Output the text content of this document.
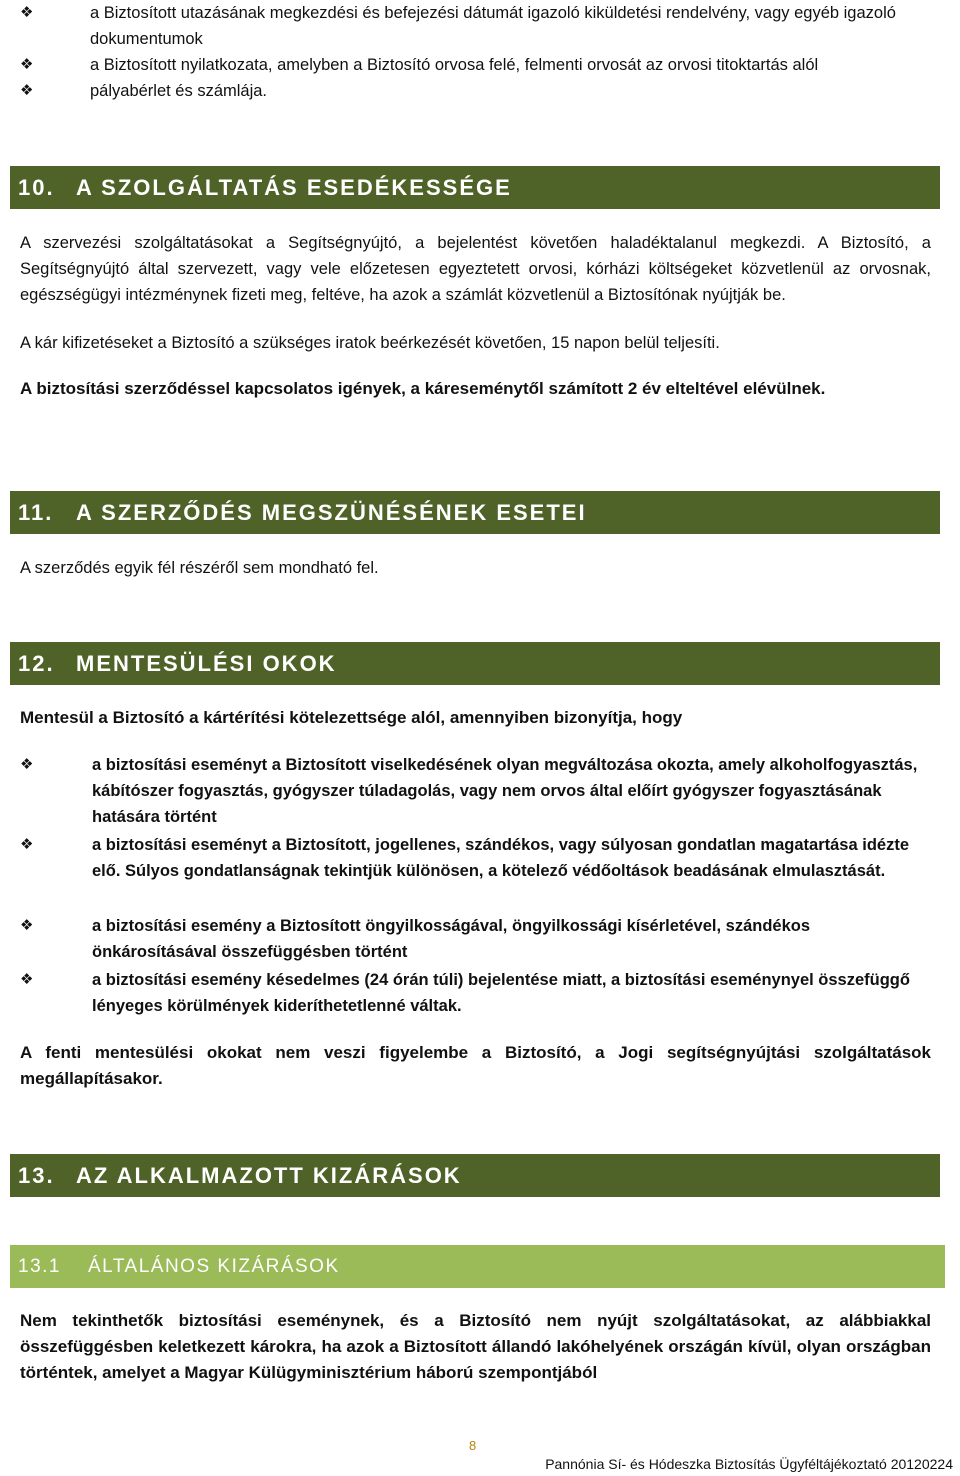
❖	a Biztosított utazásának megkezdési és befejezési dátumát igazoló kiküldetési rendelvény, vagy egyéb igazoló dokumentumok
❖	a Biztosított nyilatkozata, amelyben a Biztosító orvosa felé, felmenti orvosát az orvosi titoktartás alól
❖	pályabérlet és számlája.
10. A SZOLGÁLTATÁS ESEDÉKESSÉGE
A szervezési szolgáltatásokat a Segítségnyújtó, a bejelentést követően haladéktalanul megkezdi. A Biztosító, a Segítségnyújtó által szervezett, vagy vele előzetesen egyeztetett orvosi, kórházi költségeket közvetlenül az orvosnak, egészségügyi intézménynek fizeti meg, feltéve, ha azok a számlát közvetlenül a Biztosítónak nyújtják be.
A kár kifizetéseket a Biztosító a szükséges iratok beérkezését követően, 15 napon belül teljesíti.
A biztosítási szerződéssel kapcsolatos igények, a káreseménytől számított 2 év elteltével elévülnek.
11. A SZERZŐDÉS MEGSZÜNÉSÉNEK ESETEI
A szerződés egyik fél részéről sem mondható fel.
12. MENTESÜLÉSI OKOK
Mentesül a Biztosító a kártérítési kötelezettsége alól, amennyiben bizonyítja, hogy
❖	a biztosítási eseményt a Biztosított viselkedésének olyan megváltozása okozta, amely alkoholfogyasztás, kábítószer fogyasztás, gyógyszer túladagolás, vagy nem orvos által előírt gyógyszer fogyasztásának hatására történt
❖	a biztosítási eseményt a Biztosított, jogellenes, szándékos, vagy súlyosan gondatlan magatartása idézte elő. Súlyos gondatlanságnak tekintjük különösen, a kötelező védőoltások beadásának elmulasztását.
❖	a biztosítási esemény a Biztosított öngyilkosságával, öngyilkossági kísérletével, szándékos önkárosításával összefüggésben történt
❖	a biztosítási esemény késedelmes (24 órán túli) bejelentése miatt, a biztosítási eseménynyel összefüggő lényeges körülmények kideríthetetlenné váltak.
A fenti mentesülési okokat nem veszi figyelembe a Biztosító, a Jogi segítségnyújtási szolgáltatások megállapításakor.
13. AZ ALKALMAZOTT KIZÁRÁSOK
13.1 ÁLTALÁNOS KIZÁRÁSOK
Nem tekinthetők biztosítási eseménynek, és a Biztosító nem nyújt szolgáltatásokat, az alábbiakkal összefüggésben keletkezett károkra, ha azok a Biztosított állandó lakóhelyének országán kívül, olyan országban történtek, amelyet a Magyar Külügyminisztérium háború szempontjából
8
Pannónia Sí- és Hódeszka Biztosítás Ügyféltájékoztató 20120224
